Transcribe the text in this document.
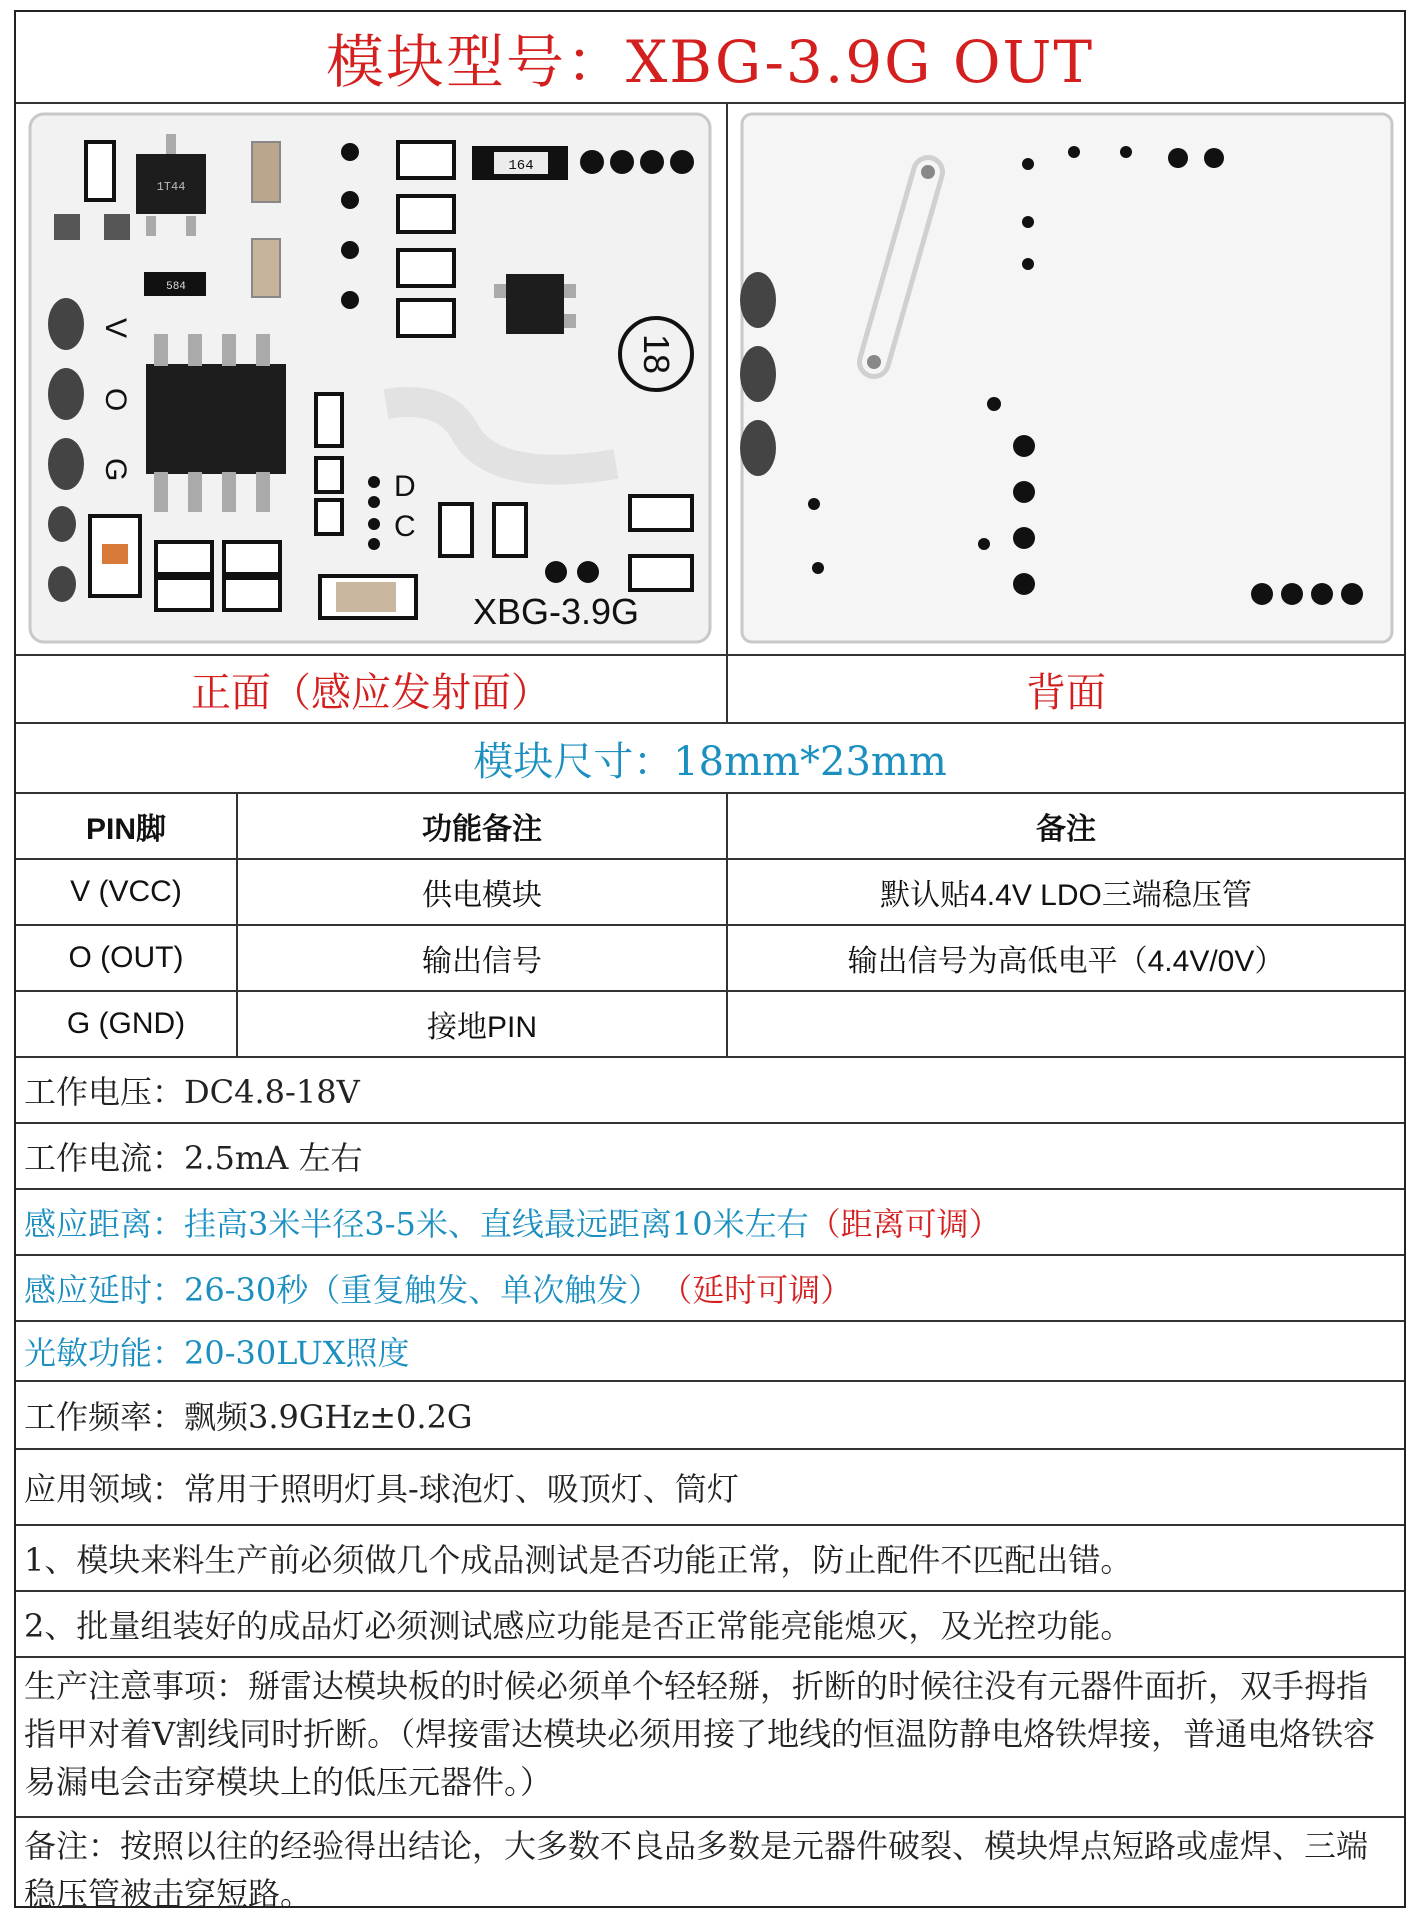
模块型号：XBG-3.9G OUT
1T44
164
584
18
V
O
G
D
C
XBG-3.9G
正面（感应发射面）	背面
模块尺寸：18mm*23mm
PIN脚	功能备注	备注
V (VCC)	供电模块	默认贴4.4V LDO三端稳压管
O (OUT)	输出信号	输出信号为高低电平（4.4V/0V）
G (GND)	接地PIN
工作电压：DC4.8-18V
工作电流：2.5mA 左右
感应距离：挂高3米半径3-5米、直线最远距离10米左右 （距离可调）
感应延时：26-30秒（重复触发、单次触发） （延时可调）
光敏功能：20-30LUX照度
工作频率：飘频3.9GHz±0.2G
应用领域：常用于照明灯具-球泡灯、吸顶灯、筒灯
1、模块来料生产前必须做几个成品测试是否功能正常，防止配件不匹配出错。
2、批量组装好的成品灯必须测试感应功能是否正常能亮能熄灭，及光控功能。
生产注意事项：掰雷达模块板的时候必须单个轻轻掰，折断的时候往没有元器件面折，双手拇指指甲对着V割线同时折断。（焊接雷达模块必须用接了地线的恒温防静电烙铁焊接，普通电烙铁容易漏电会击穿模块上的低压元器件。）
备注：按照以往的经验得出结论，大多数不良品多数是元器件破裂、模块焊点短路或虚焊、三端稳压管被击穿短路。
